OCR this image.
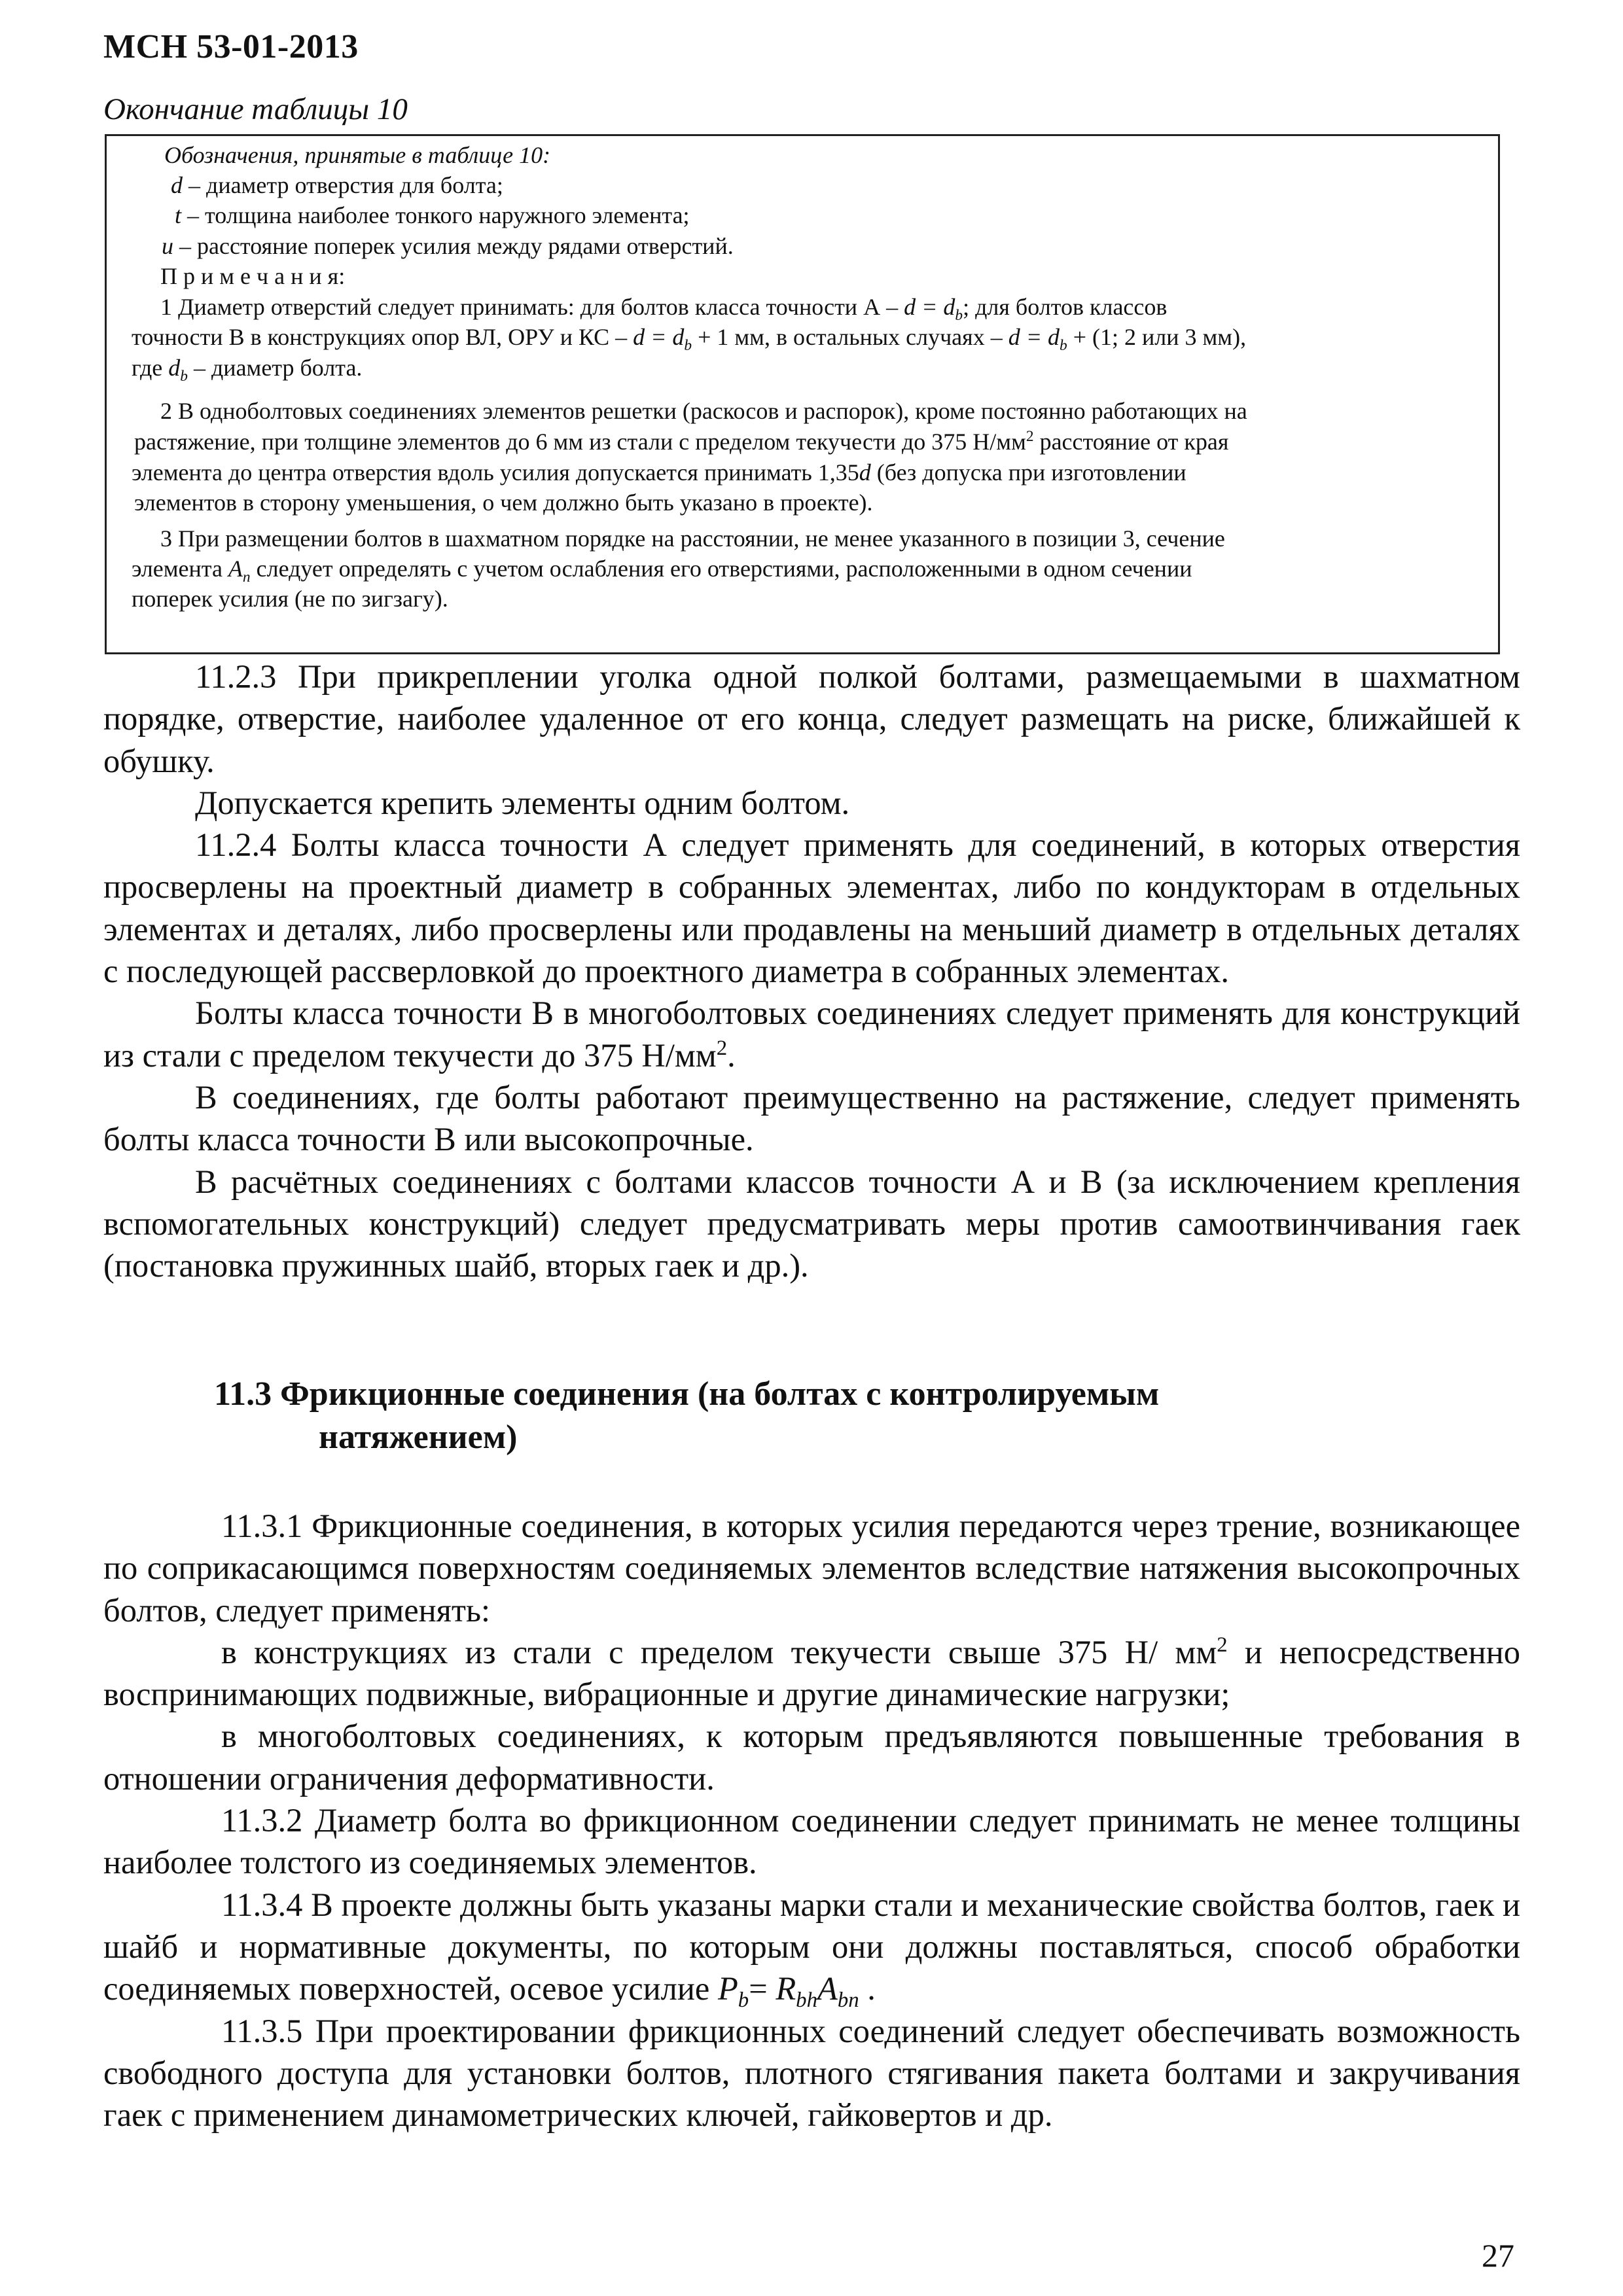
МСН 53-01-2013
Окончание таблицы 10
Обозначения, принятые в таблице 10:
d – диаметр отверстия для болта;
t – толщина наиболее тонкого наружного элемента;
u – расстояние поперек усилия между рядами отверстий.
П р и м е ч а н и я:
1 Диаметр отверстий следует принимать: для болтов класса точности $А - d = d_b$; для болтов классов
точности В в конструкциях опор ВЛ, ОРУ и КС – $d = d_b + 1$ мм, в остальных случаях – $d = d_b + (1$; 2 или 3 мм),
где $d_b$ – диаметр болта.
2 В одноболтовых соединениях элементов решетки (раскосов и распорок), кроме постоянно работающих на
растяжение, при толщине элементов до 6 мм из стали с пределом текучести до 375 $Н/мм^2$ расстояние от края
элемента до центра отверстия вдоль усилия допускается принимать 1,35d (без допуска при изготовлении
элементов в сторону уменьшения, о чем должно быть указано в проекте).
3 При размещении болтов в шахматном порядке на расстоянии, не менее указанного в позиции 3, сечение
элемента $A_n$ следует определять с учетом ослабления его отверстиями, расположенными в одном сечении
поперек усилия (не по зигзагу).

11.2.3 При прикреплении уголка одной полкой болтами, размещаемыми в шахматном порядке, отверстие, наиболее удаленное от его конца, следует размещать на риске, ближайшей к обушку.

Допускается крепить элементы одним болтом.

11.2.4 Болты класса точности А следует применять для соединений, в которых отверстия просверлены на проектный диаметр в собранных элементах, либо по кондукторам в отдельных элементах и деталях, либо просверлены или продавлены на меньший диаметр в отдельных деталях с последующей рассверловкой до проектного диаметра в собранных элементах.

Болты класса точности В в многоболтовых соединениях следует применять для конструкций из стали с пределом текучести до 375 $Н/мм^2$.

В соединениях, где болты работают преимущественно на растяжение, следует применять болты класса точности В или высокопрочные.

В расчётных соединениях с болтами классов точности А и В (за исключением крепления вспомогательных конструкций) следует предусматривать меры против самоотвинчивания гаек (постановка пружинных шайб, вторых гаек и др.).

11.3 Фрикционные соединения (на болтах с контролируемым
натяжением)

11.3.1 Фрикционные соединения, в которых усилия передаются через трение, возникающее по соприкасающимся поверхностям соединяемых элементов вследствие натяжения высокопрочных болтов, следует применять:

в конструкциях из стали с пределом текучести свыше 375 Н/ $мм^2$ и непосредственно воспринимающих подвижные, вибрационные и другие динамические нагрузки;

в многоболтовых соединениях, к которым предъявляются повышенные требования в отношении ограничения деформативности.

11.3.2 Диаметр болта во фрикционном соединении следует принимать не менее толщины наиболее толстого из соединяемых элементов.

11.3.4 В проекте должны быть указаны марки стали и механические свойства болтов, гаек и шайб и нормативные документы, по которым они должны поставляться, способ обработки соединяемых поверхностей, осевое усилие $P_b= R_{bh}A_{bn}$ .

11.3.5 При проектировании фрикционных соединений следует обеспечивать возможность свободного доступа для установки болтов, плотного стягивания пакета болтами и закручивания гаек с применением динамометрических ключей, гайковертов и др.

27
